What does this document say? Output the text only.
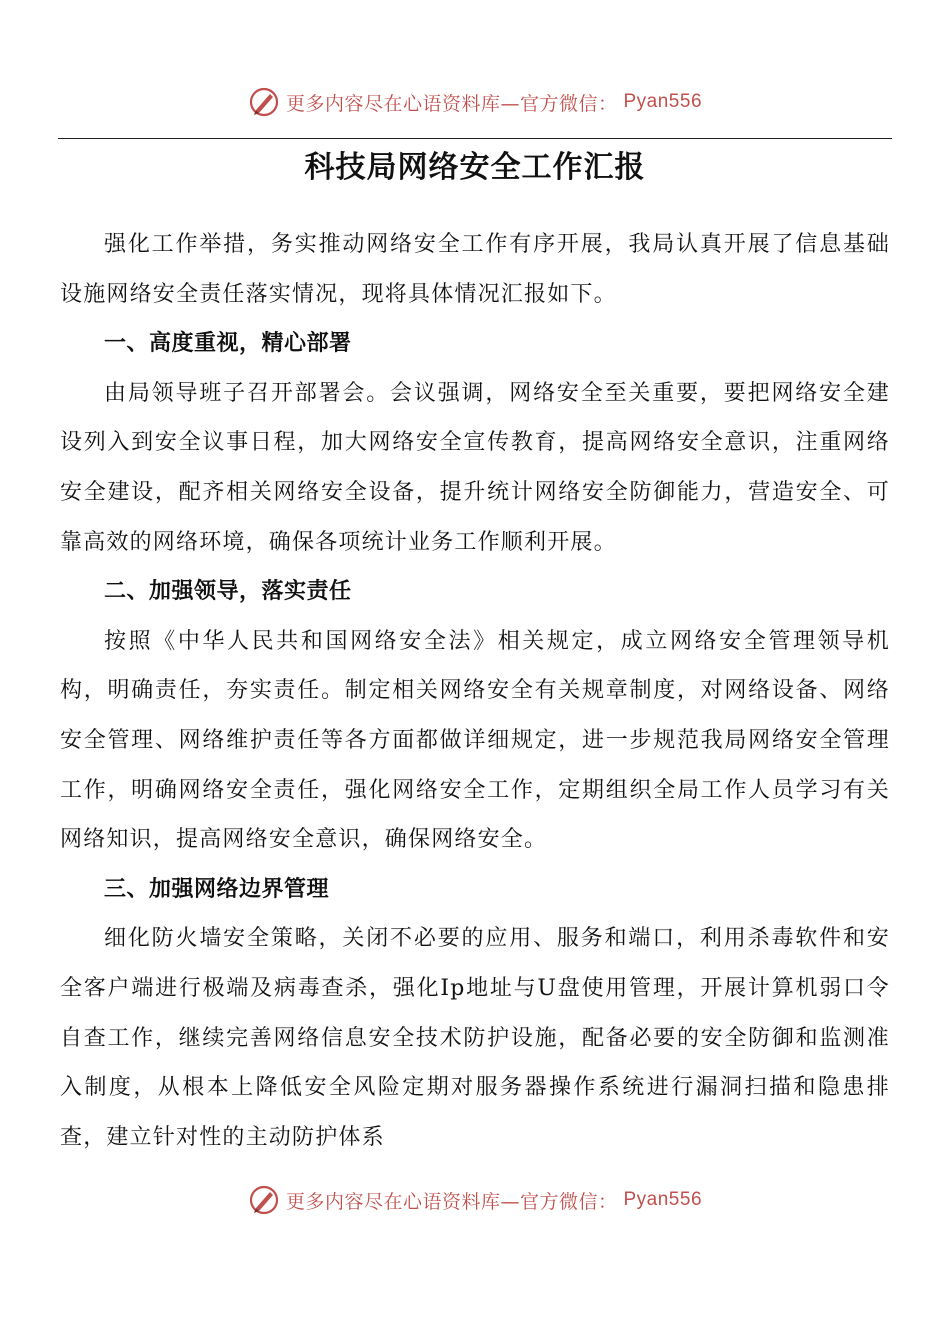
更多内容尽在心语资料库—官方微信： Pyan556
科技局网络安全工作汇报

强化工作举措，务实推动网络安全工作有序开展，我局认真开展了信息基础设施网络安全责任落实情况，现将具体情况汇报如下。

一、高度重视，精心部署

由局领导班子召开部署会。会议强调，网络安全至关重要，要把网络安全建设列入到安全议事日程，加大网络安全宣传教育，提高网络安全意识，注重网络安全建设，配齐相关网络安全设备，提升统计网络安全防御能力，营造安全、可靠高效的网络环境，确保各项统计业务工作顺利开展。

二、加强领导，落实责任

按照《中华人民共和国网络安全法》相关规定，成立网络安全管理领导机构，明确责任，夯实责任。制定相关网络安全有关规章制度，对网络设备、网络安全管理、网络维护责任等各方面都做详细规定，进一步规范我局网络安全管理工作，明确网络安全责任，强化网络安全工作，定期组织全局工作人员学习有关网络知识，提高网络安全意识，确保网络安全。

三、加强网络边界管理

细化防火墙安全策略，关闭不必要的应用、服务和端口，利用杀毒软件和安全客户端进行极端及病毒查杀，强化Ip地址与U盘使用管理，开展计算机弱口令自查工作，继续完善网络信息安全技术防护设施，配备必要的安全防御和监测准入制度，从根本上降低安全风险定期对服务器操作系统进行漏洞扫描和隐患排查，建立针对性的主动防护体系

更多内容尽在心语资料库—官方微信： Pyan556
